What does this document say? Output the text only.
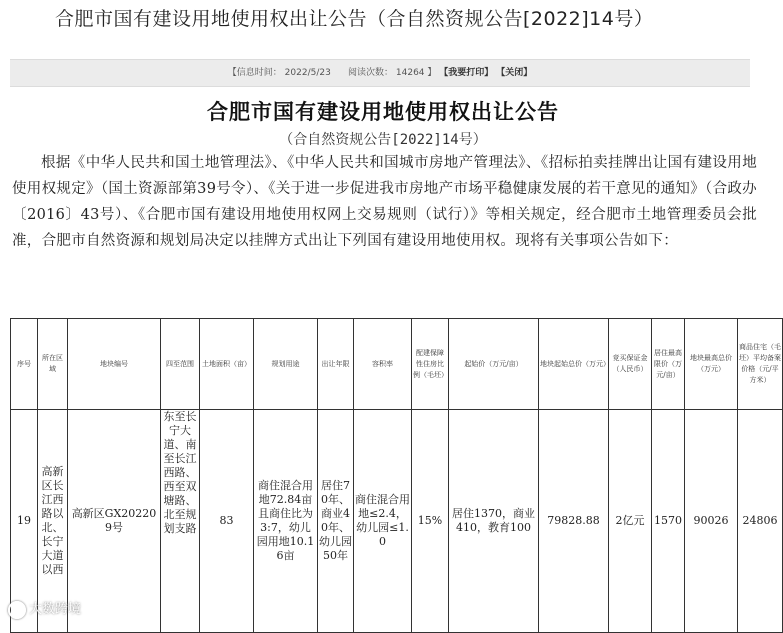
合肥市国有建设用地使用权出让公告（合自然资规公告[2022]14号）
【信息时间： 2022/5/23 阅读次数： 14264 】 【我要打印】 【关闭】
合肥市国有建设用地使用权出让公告
（合自然资规公告[2022]14号）
根据《中华人民共和国土地管理法》、《中华人民共和国城市房地产管理法》、《招标拍卖挂牌出让国有建设用地使用权规定》（国土资源部第39号令）、《关于进一步促进我市房地产市场平稳健康发展的若干意见的通知》（合政办〔2016〕43号）、《合肥市国有建设用地使用权网上交易规则（试行）》等相关规定，经合肥市土地管理委员会批准，合肥市自然资源和规划局决定以挂牌方式出让下列国有建设用地使用权。现将有关事项公告如下：
序号	所在区域	地块编号	四至范围	土地面积（亩）	规划用途	出让年限	容积率	配建保障性住房比例（毛坯）	起始价（万元/亩）	地块起始总价（万元）	竞买保证金（人民币）	居住最高限价（万元/亩）	地块最高总价（万元）	商品住宅（毛坯）平均备案价格（元/平方米）
19	高新区长江西路以北、长宁大道以西	高新区GX202209号	东至长宁大道、南至长江西路、西至双塘路、北至规划支路	83	商住混合用地72.84亩且商住比为3:7，幼儿园用地10.16亩	居住70年、商业40年、幼儿园50年	商住混合用地≤2.4，幼儿园≤1.0	15%	居住1370，商业410，教育100	79828.88	2亿元	1570	90026	24806
大数跨境
